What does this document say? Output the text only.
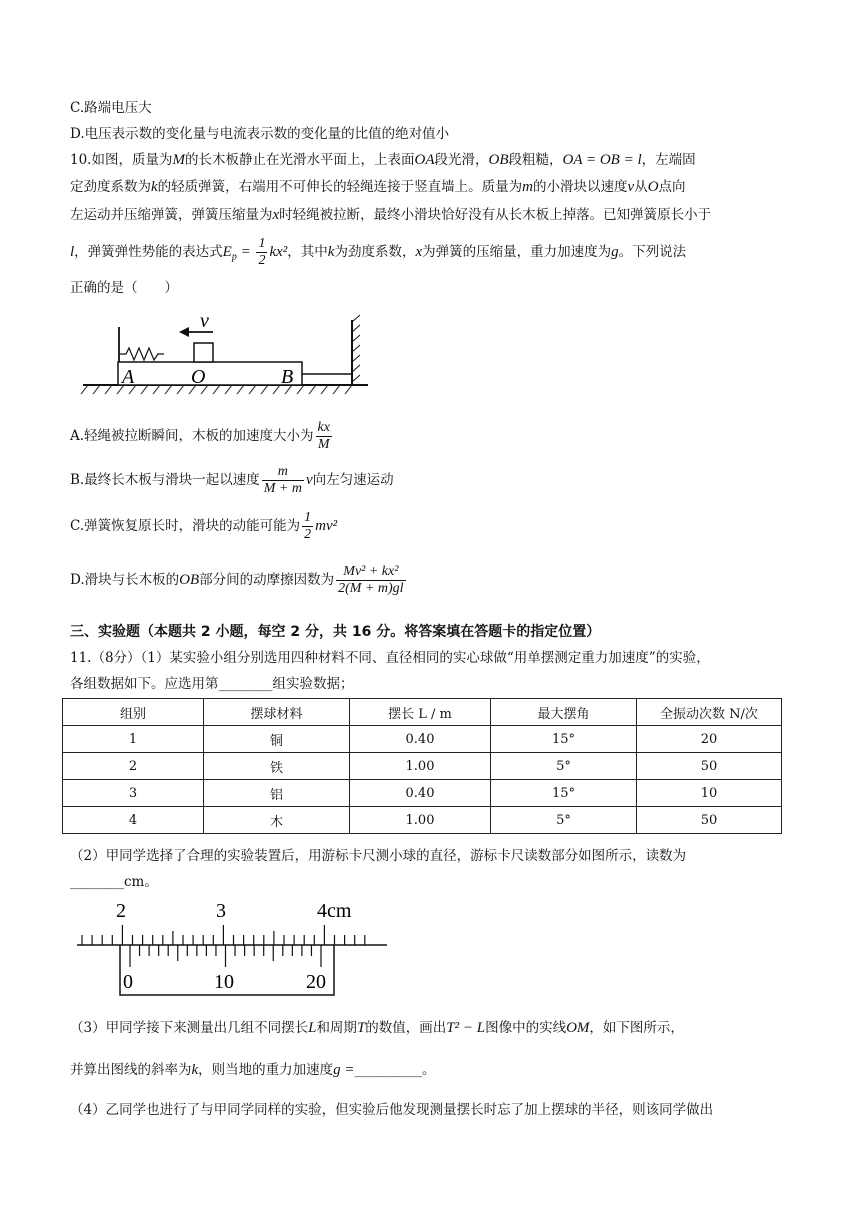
C.路端电压大
D.电压表示数的变化量与电流表示数的变化量的比值的绝对值小
10.如图，质量为M的长木板静止在光滑水平面上，上表面OA段光滑，OB段粗糙，OA = OB = l，左端固
定劲度系数为k的轻质弹簧，右端用不可伸长的轻绳连接于竖直墙上。质量为m的小滑块以速度v从O点向
左运动并压缩弹簧，弹簧压缩量为x时轻绳被拉断，最终小滑块恰好没有从长木板上掉落。已知弹簧原长小于
l，弹簧弹性势能的表达式$E_p = \frac{1}{2} kx^2$，其中k为劲度系数，x为弹簧的压缩量，重力加速度为g。下列说法
正确的是（　　）
v
A	O	B
A.轻绳被拉断瞬间，木板的加速度大小为 $\frac{kx}{M}$
B.最终长木板与滑块一起以速度 $\frac{m}{M + m}$ v向左匀速运动
C.弹簧恢复原长时，滑块的动能可能为 $\frac{1}{2} mv^2$
D.滑块与长木板的OB部分间的动摩擦因数为 $\frac{\text{Mv² + kx²}}{2(M + m)gl}$
三、实验题（本题共 2 小题，每空 2 分，共 16 分。将答案填在答题卡的指定位置）
11.（8分）（1）某实验小组分别选用四种材料不同、直径相同的实心球做“用单摆测定重力加速度”的实验，
各组数据如下。应选用第________组实验数据；
组别	摆球材料	摆长 L / m	最大摆角	全振动次数 N/次
1	铜	0.40	15°	20
2	铁	1.00	5°	50
3	铝	0.40	15°	10
4	木	1.00	5°	50
（2）甲同学选择了合理的实验装置后，用游标卡尺测小球的直径，游标卡尺读数部分如图所示，读数为
________cm。
2	3	4cm
0	10	20
（3）甲同学接下来测量出几组不同摆长L和周期T的数值，画出T² − L图像中的实线OM，如下图所示，
并算出图线的斜率为k，则当地的重力加速度g =__________。
（4）乙同学也进行了与甲同学同样的实验，但实验后他发现测量摆长时忘了加上摆球的半径，则该同学做出
